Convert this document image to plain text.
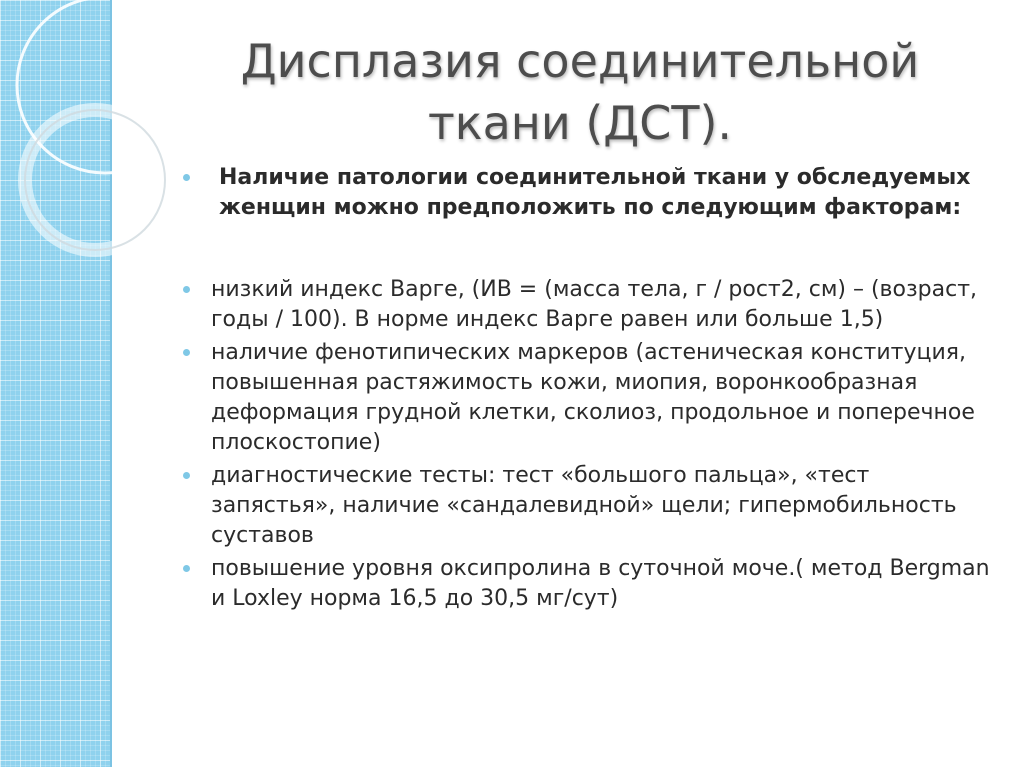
Дисплазия соединительной
ткани (ДСТ).
Наличие патологии соединительной ткани у обследуемых женщин можно предположить по следующим факторам:
низкий индекс Варге, (ИВ = (масса тела, г / рост2, см) – (возраст, годы / 100). В норме индекс Варге равен или больше 1,5)
наличие фенотипических маркеров (астеническая конституция, повышенная растяжимость кожи, миопия, воронкообразная деформация грудной клетки, сколиоз, продольное и поперечное плоскостопие)
диагностические тесты: тест «большого пальца», «тест запястья», наличие «сандалевидной» щели; гипермобильность суставов
повышение уровня оксипролина в суточной моче.( метод Bergman и Loxley норма 16,5 до 30,5 мг/сут)
